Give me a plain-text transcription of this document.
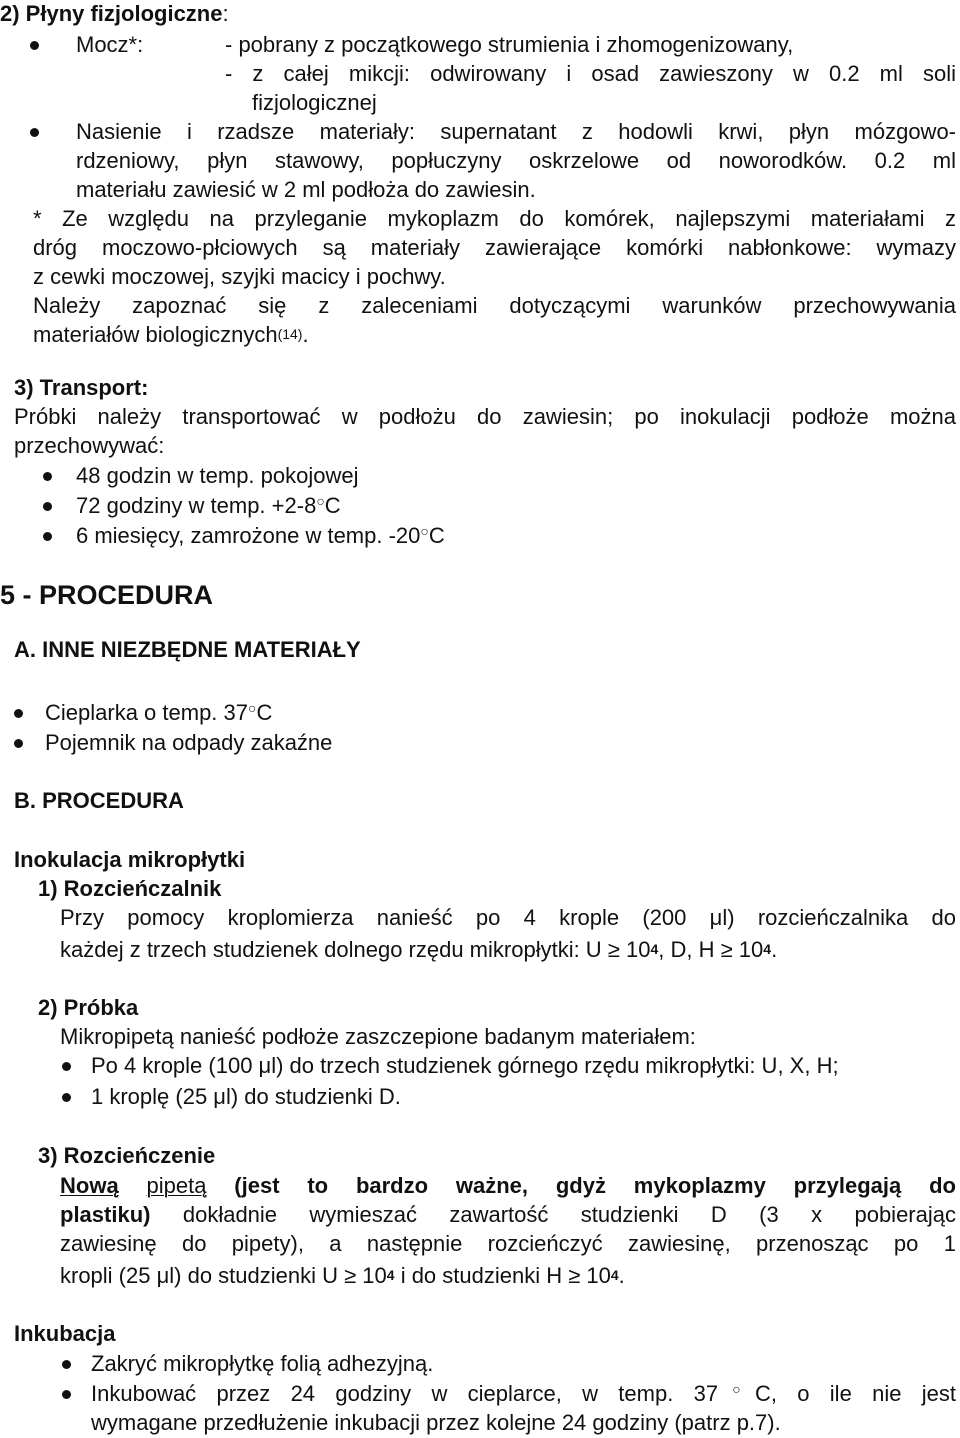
2) Płyny fizjologiczne:
Mocz*:	- pobrany z początkowego strumienia i zhomogenizowany,
- z całej mikcji: odwirowany i osad zawieszony w 0.2 ml soli
fizjologicznej
Nasienie i rzadsze materiały: supernatant z hodowli krwi, płyn mózgowo-
rdzeniowy, płyn stawowy, popłuczyny oskrzelowe od noworodków. 0.2 ml
materiału zawiesić w 2 ml podłoża do zawiesin.
* Ze względu na przyleganie mykoplazm do komórek, najlepszymi materiałami z
dróg moczowo-płciowych są materiały zawierające komórki nabłonkowe: wymazy
z cewki moczowej, szyjki macicy i pochwy.
Należy zapoznać się z zaleceniami dotyczącymi warunków przechowywania
materiałów biologicznych$^{(14)}$.
3) Transport:
Próbki należy transportować w podłożu do zawiesin; po inokulacji podłoże można
przechowywać:
48 godzin w temp. pokojowej
72 godziny w temp. +2-8○C
6 miesięcy, zamrożone w temp. -20○C
5 - PROCEDURA
A. INNE NIEZBĘDNE MATERIAŁY
Cieplarka o temp. 37○C
Pojemnik na odpady zakaźne
B. PROCEDURA
Inokulacja mikropłytki
1) Rozcieńczalnik
Przy pomocy kroplomierza nanieść po 4 krople (200 μl) rozcieńczalnika do
każdej z trzech studzienek dolnego rzędu mikropłytki: $U \ge 10^4$, D, $H \ge 10^4$.
2) Próbka
Mikropipetą nanieść podłoże zaszczepione badanym materiałem:
Po 4 krople (100 μl) do trzech studzienek górnego rzędu mikropłytki: U, X, H;
1 kroplę (25 μl) do studzienki D.
3) Rozcieńczenie
Nową pipetą (jest to bardzo ważne, gdyż mykoplazmy przylegają do
plastiku) dokładnie wymieszać zawartość studzienki D (3 x pobierając
zawiesinę do pipety), a następnie rozcieńczyć zawiesinę, przenosząc po 1
kropli (25 μl) do studzienki $U \ge 10^4$ i do studzienki $H \ge 10^4$.
Inkubacja
Zakryć mikropłytkę folią adhezyjną.
Inkubować przez 24 godziny w cieplarce, w temp. 37○C, o ile nie jest
wymagane przedłużenie inkubacji przez kolejne 24 godziny (patrz p.7).
